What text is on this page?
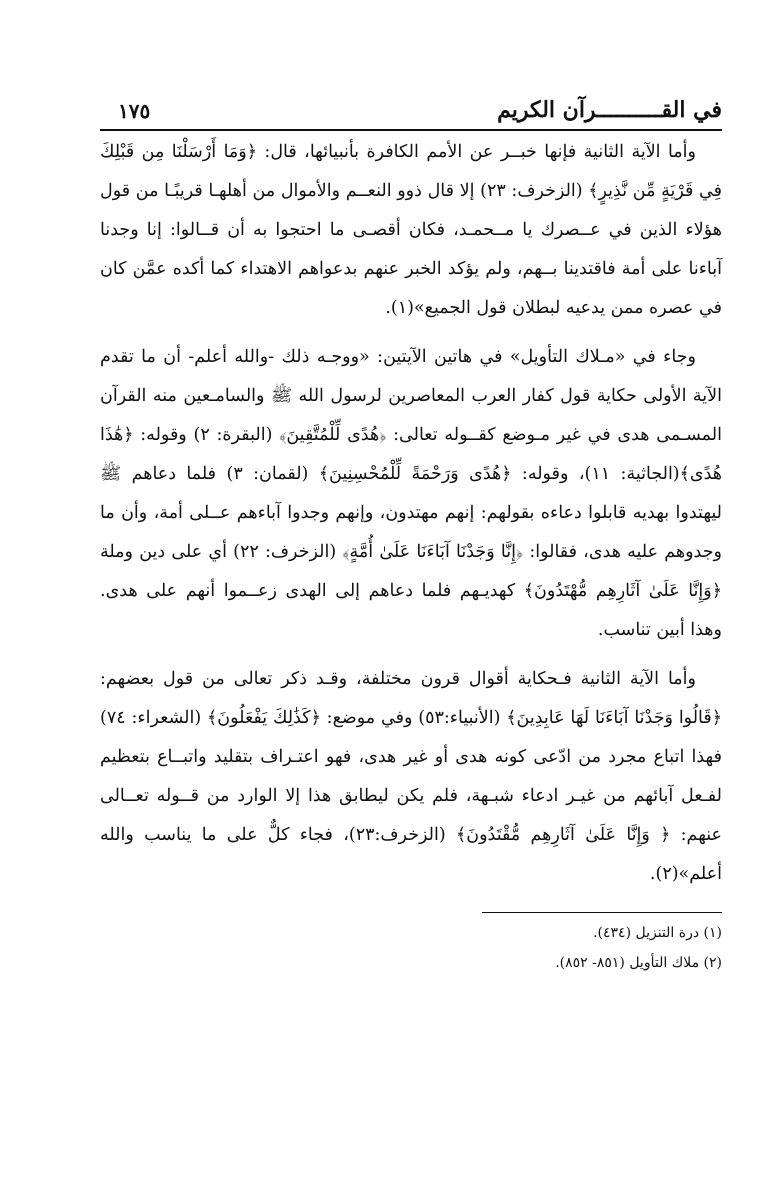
في القــــــــــرآن الكريم
١٧٥

وأما الآية الثانية فإنها خبــر عن الأمم الكافرة بأنبيائها، قال: ﴿وَمَا أَرْسَلْنَا مِن قَبْلِكَ فِي قَرْيَةٍ مِّن نَّذِيرٍ﴾ (الزخرف: ٢٣) إلا قال ذوو النعــم والأموال من أهلهـا قريبًـا من قول هؤلاء الذين في عــصرك يا مــحمـد، فكان أقصـى ما احتجوا به أن قــالوا: إنا وجدنا آباءنا على أمة فاقتدينا بــهم، ولم يؤكد الخبر عنهم بدعواهم الاهتداء كما أكده عمَّن كان في عصره ممن يدعيه لبطلان قول الجميع»(١).

وجاء في «مـلاك التأويل» في هاتين الآيتين: «ووجـه ذلك -والله أعلم- أن ما تقدم الآية الأولى حكاية قول كفار العرب المعاصرين لرسول الله ﷺ والسامـعين منه القرآن المسـمى هدى في غير مـوضع كقــوله تعالى: ﴿هُدًى لِّلْمُتَّقِينَ﴾ (البقرة: ٢) وقوله: ﴿هَٰذَا هُدًى﴾(الجاثية: ١١)، وقوله: ﴿هُدًى وَرَحْمَةً لِّلْمُحْسِنِينَ﴾ (لقمان: ٣) فلما دعاهم ﷺ ليهتدوا بهديه قابلوا دعاءه بقولهم: إنهم مهتدون، وإنهم وجدوا آباءهم عــلى أمة، وأن ما وجدوهم عليه هدى، فقالوا: ﴿إِنَّا وَجَدْنَا آبَاءَنَا عَلَىٰ أُمَّةٍ﴾ (الزخرف: ٢٢) أي على دين وملة ﴿وَإِنَّا عَلَىٰ آثَارِهِم مُّهْتَدُونَ﴾ كهديـهم فلما دعاهم إلى الهدى زعــموا أنهم على هدى. وهذا أبين تناسب.

وأما الآية الثانية فـحكاية أقوال قرون مختلفة، وقـد ذكر تعالى من قول بعضهم: ﴿قَالُوا وَجَدْنَا آبَاءَنَا لَهَا عَابِدِينَ﴾ (الأنبياء:٥٣) وفي موضع: ﴿كَذَٰلِكَ يَفْعَلُونَ﴾ (الشعراء: ٧٤) فهذا اتباع مجرد من ادّعى كونه هدى أو غير هدى، فهو اعتـراف بتقليد واتبــاع بتعظيم لفـعل آبائهم من غيـر ادعاء شبـهة، فلم يكن ليطابق هذا إلا الوارد من قــوله تعــالى عنهم: ﴿ وَإِنَّا عَلَىٰ آثَارِهِم مُّقْتَدُونَ﴾ (الزخرف:٢٣)، فجاء كلٌّ على ما يناسب والله أعلم»(٢).

(١) درة التنزيل (٤٣٤).

(٢) ملاك التأويل (٨٥١- ٨٥٢).
